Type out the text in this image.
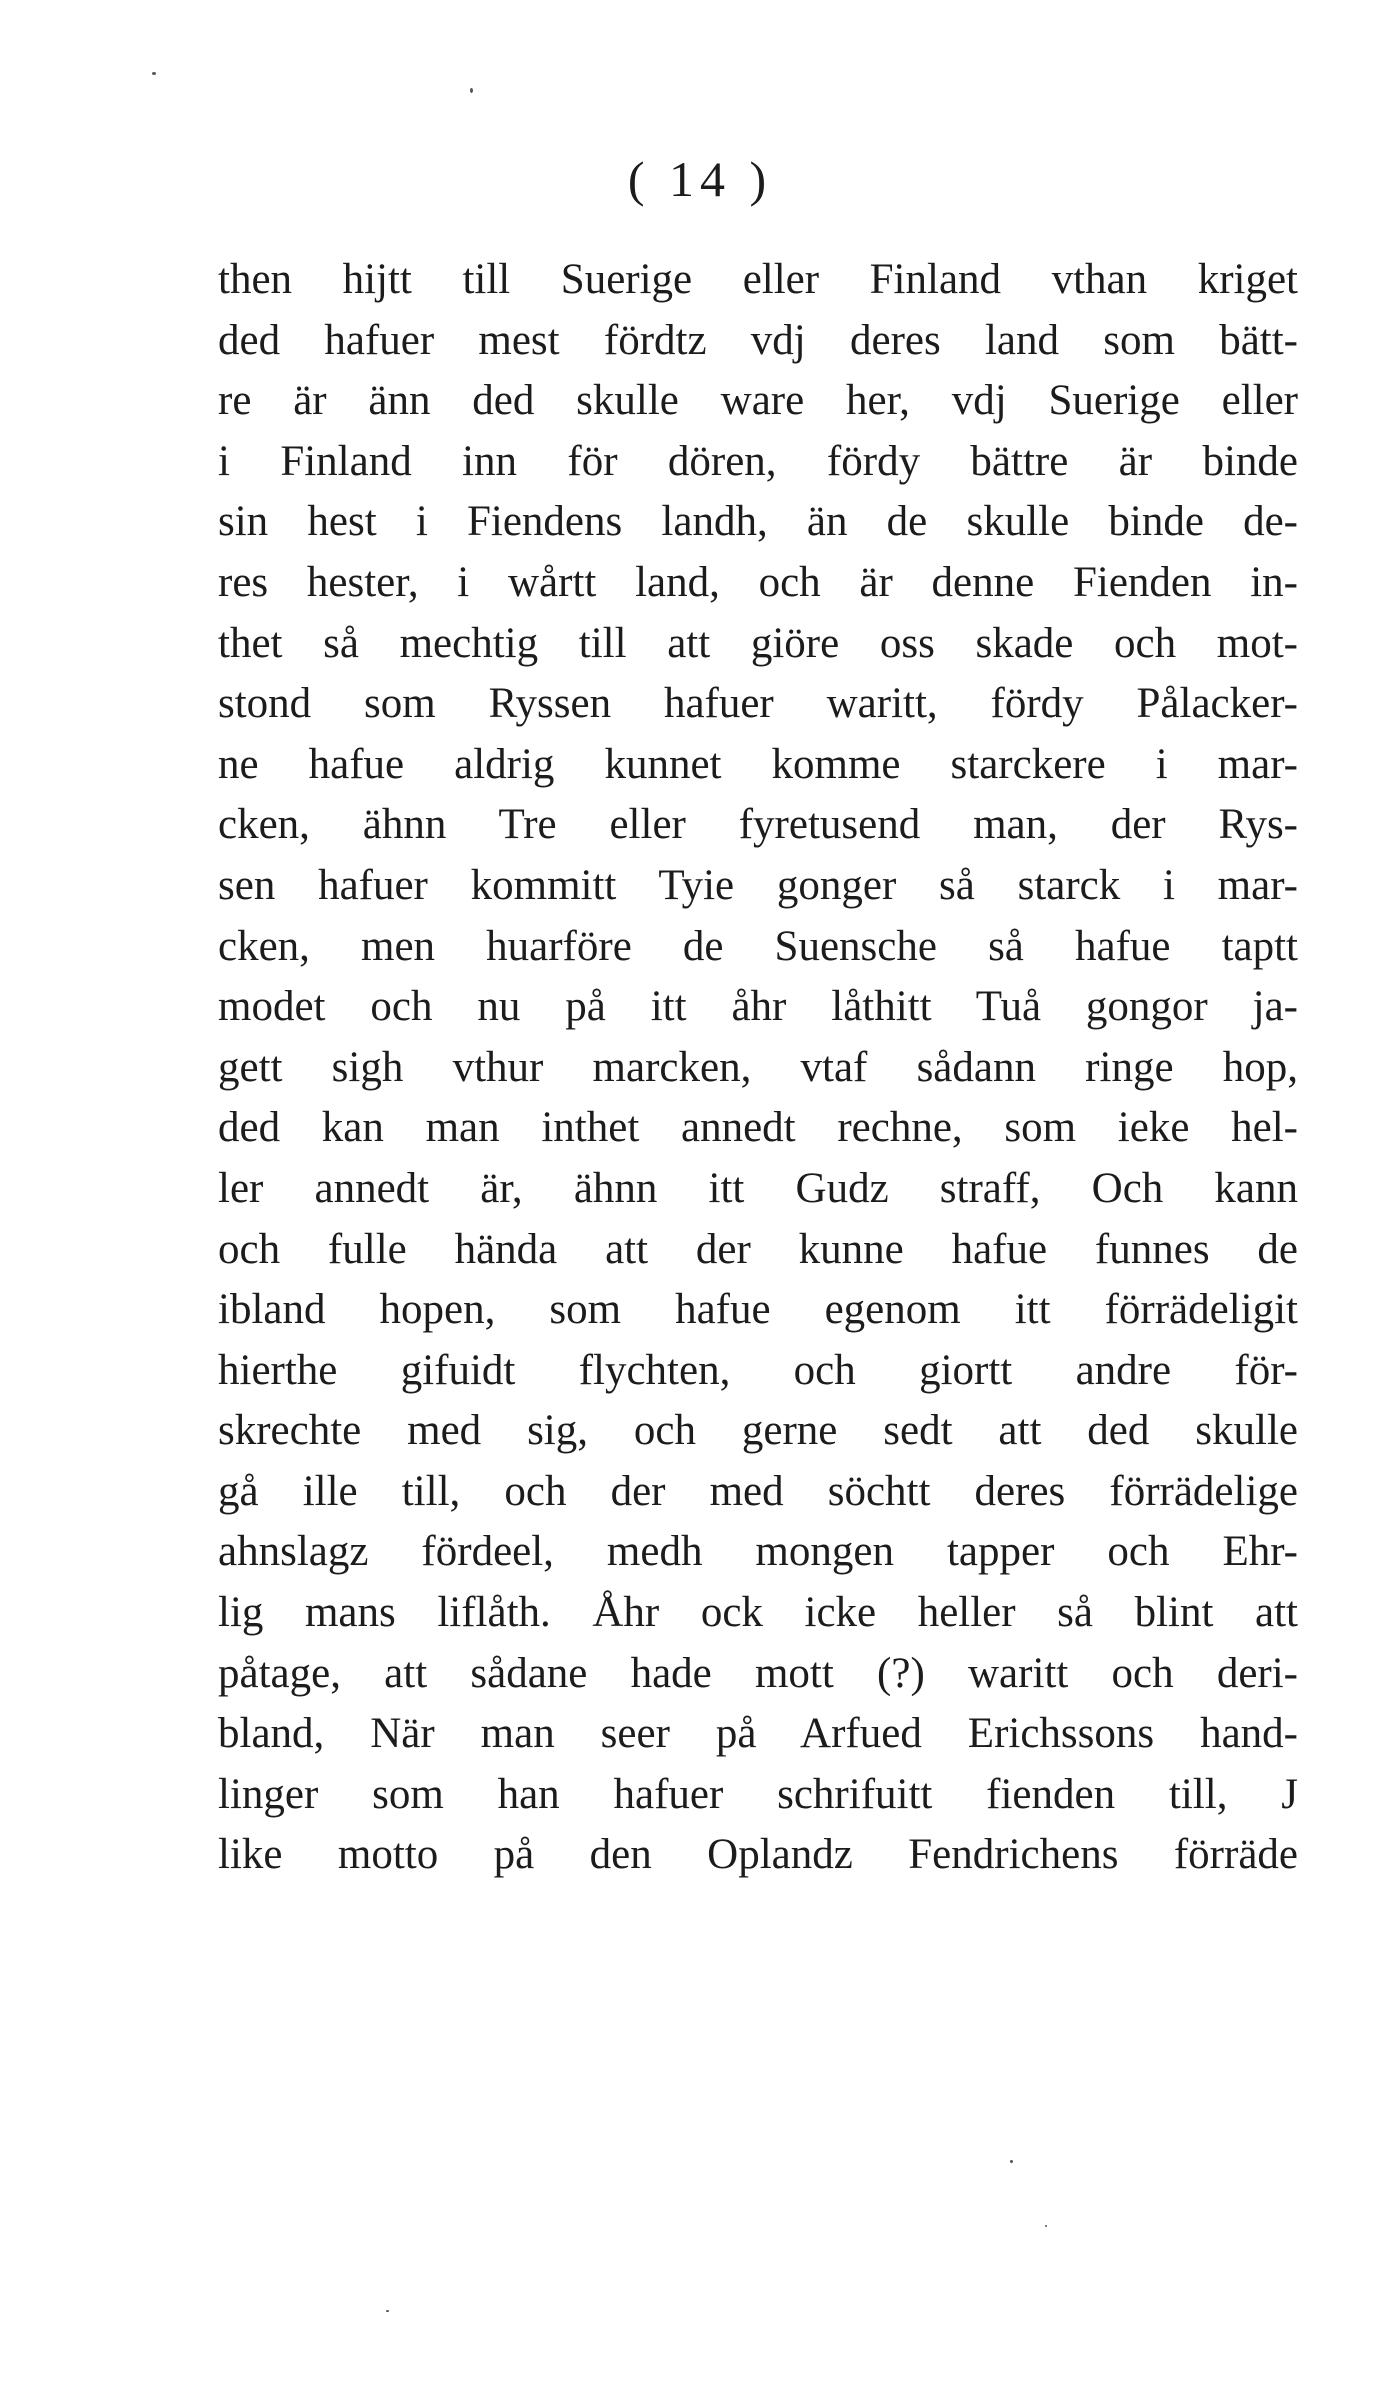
( 14 )
then hijtt till Suerige eller Finland vthan kriget
ded hafuer mest fördtz vdj deres land som bätt-
re är änn ded skulle ware her, vdj Suerige eller
i Finland inn för dören, fördy bättre är binde
sin hest i Fiendens landh, än de skulle binde de-
res hester, i wårtt land, och är denne Fienden in-
thet så mechtig till att giöre oss skade och mot-
stond som Ryssen hafuer waritt, fördy Pålacker-
ne hafue aldrig kunnet komme starckere i mar-
cken, ähnn Tre eller fyretusend man, der Rys-
sen hafuer kommitt Tyie gonger så starck i mar-
cken, men huarföre de Suensche så hafue taptt
modet och nu på itt åhr låthitt Tuå gongor ja-
gett sigh vthur marcken, vtaf sådann ringe hop,
ded kan man inthet annedt rechne, som ieke hel-
ler annedt är, ähnn itt Gudz straff, Och kann
och fulle hända att der kunne hafue funnes de
ibland hopen, som hafue egenom itt förrädeligit
hierthe gifuidt flychten, och giortt andre för-
skrechte med sig, och gerne sedt att ded skulle
gå ille till, och der med söchtt deres förrädelige
ahnslagz fördeel, medh mongen tapper och Ehr-
lig mans liflåth. Åhr ock icke heller så blint att
påtage, att sådane hade mott (?) waritt och deri-
bland, När man seer på Arfued Erichssons hand-
linger som han hafuer schrifuitt fienden till, J
like motto på den Oplandz Fendrichens förräde
